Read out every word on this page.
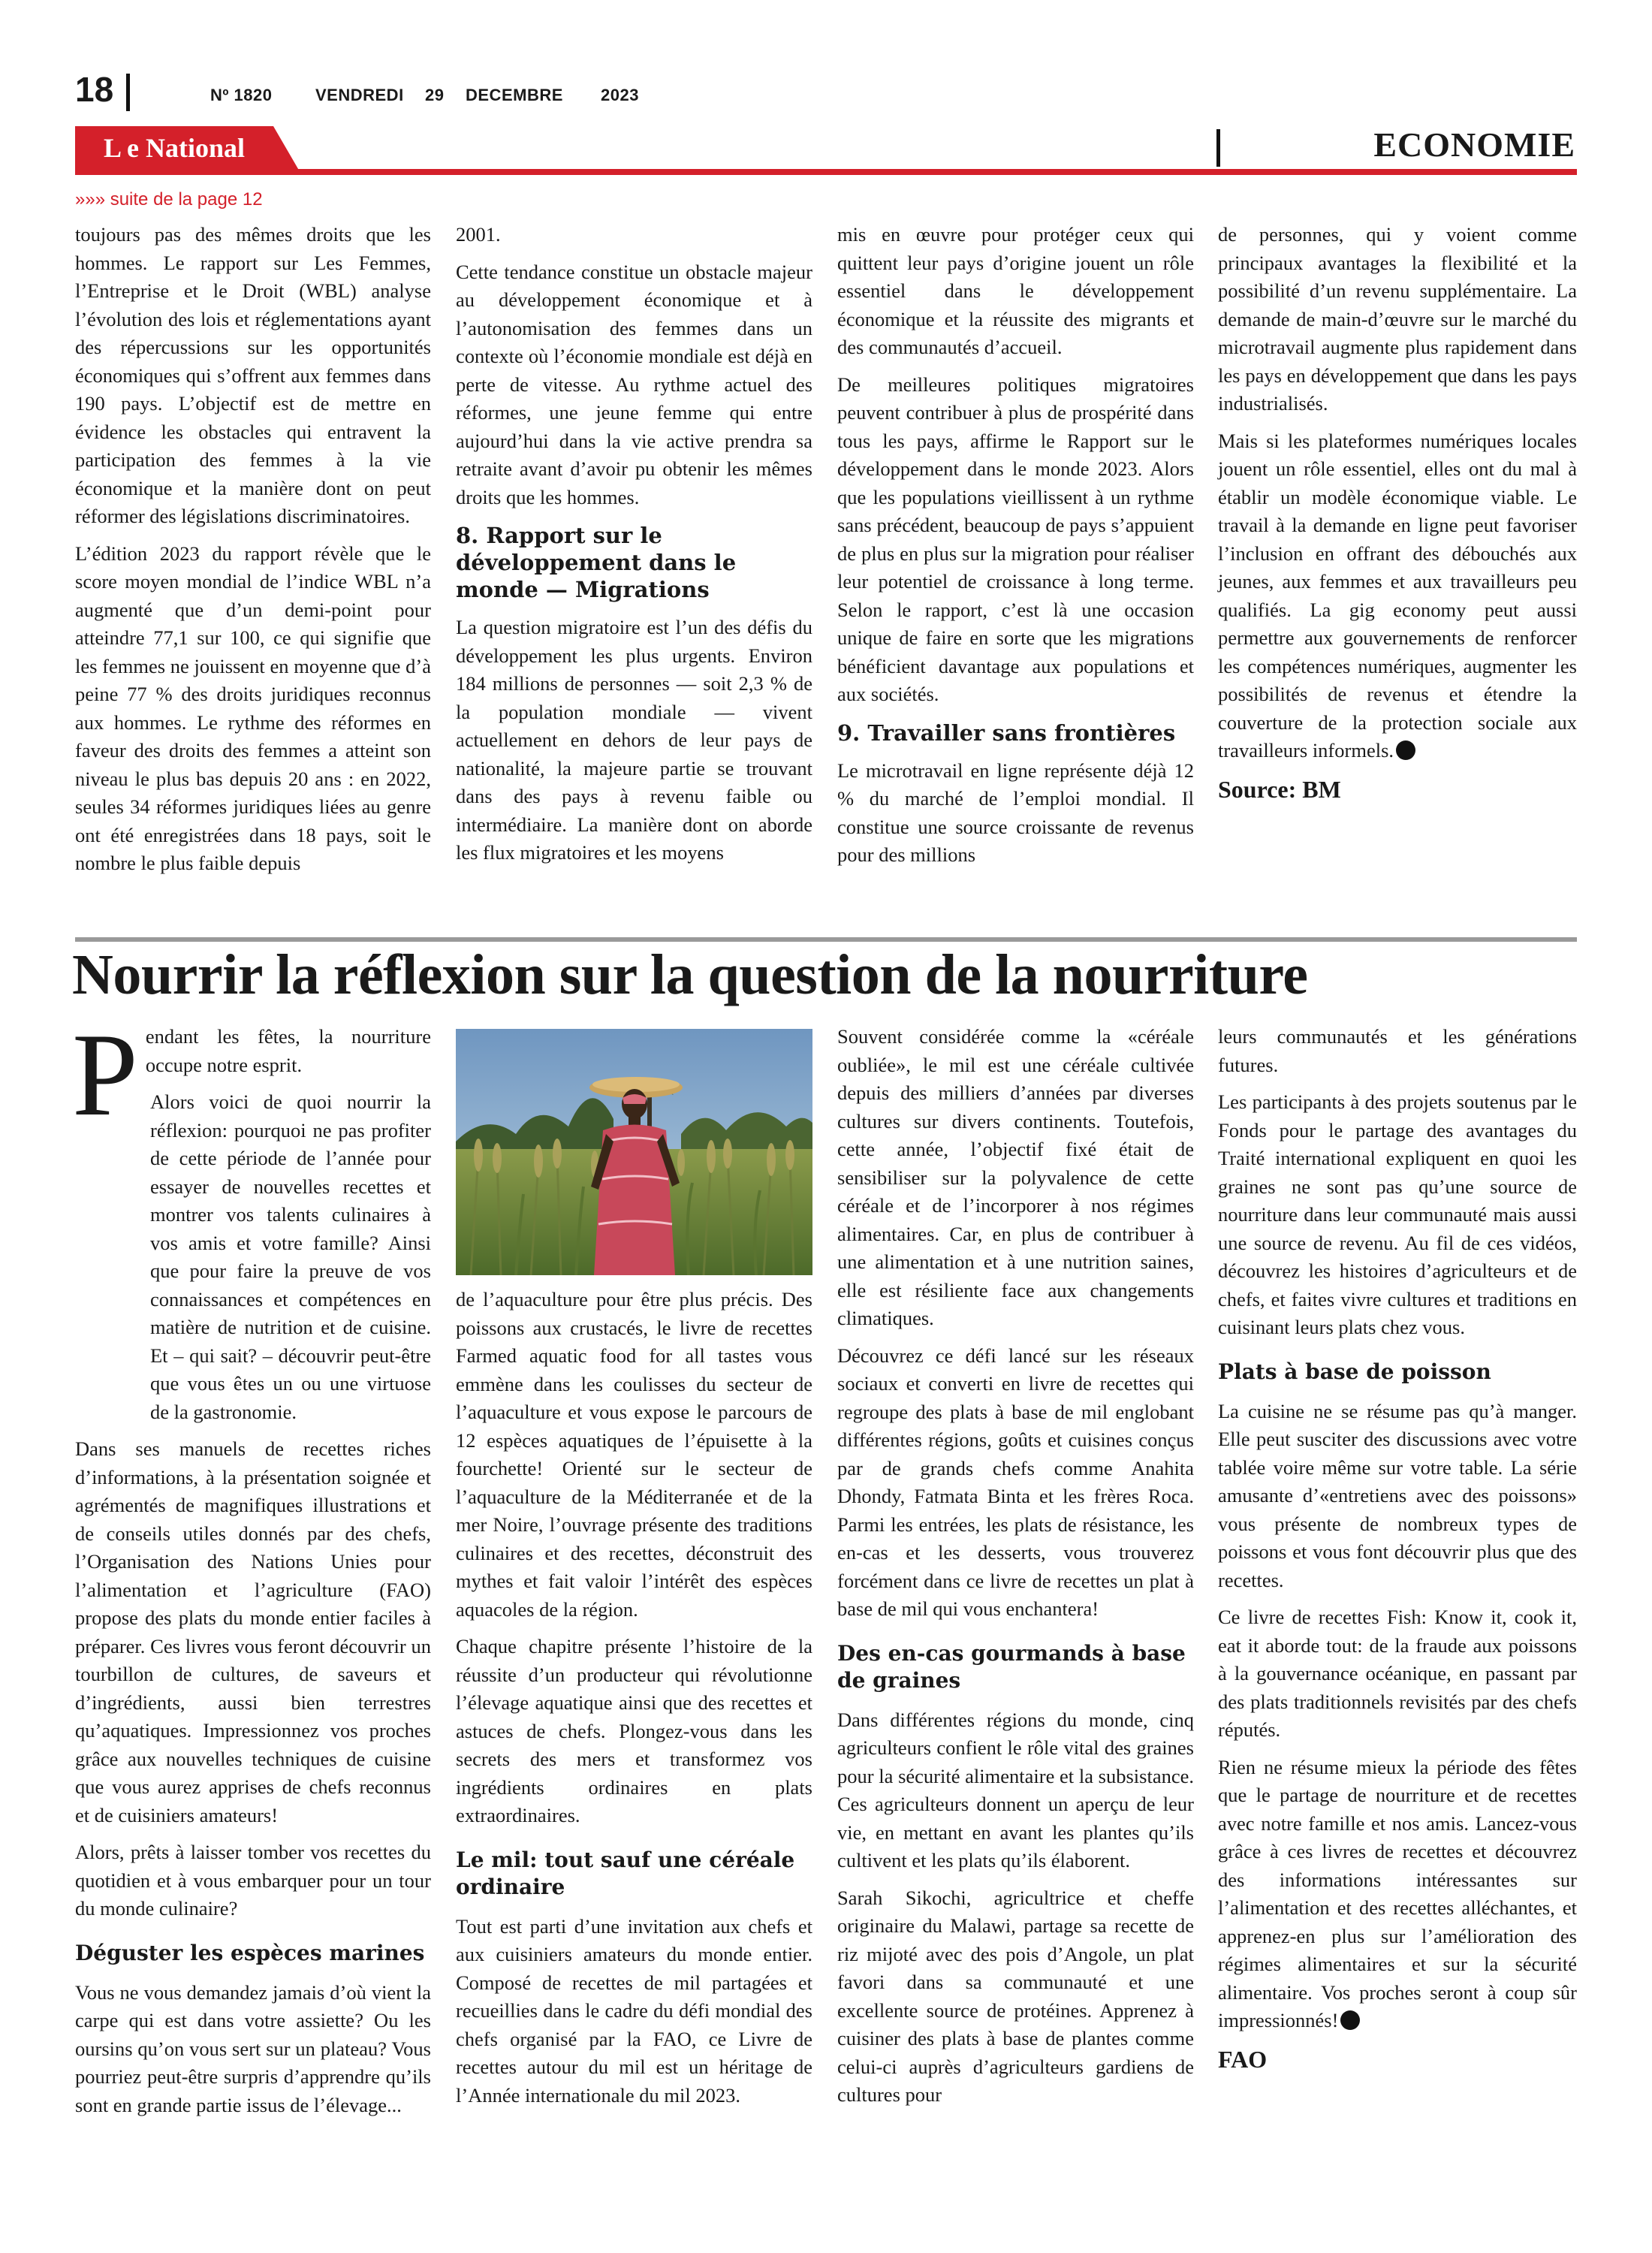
18	Nº 1820	VENDREDI 29 DECEMBRE 2023
L e National	ECONOMIE
»»» suite de la page 12

toujours pas des mêmes droits que les hommes. Le rapport sur Les Femmes, l’Entreprise et le Droit (WBL) analyse l’évolution des lois et réglementations ayant des répercussions sur les opportunités économiques qui s’offrent aux femmes dans 190 pays. L’objectif est de mettre en évidence les obstacles qui entravent la participation des femmes à la vie économique et la manière dont on peut réformer des législations discriminatoires.

L’édition 2023 du rapport révèle que le score moyen mondial de l’indice WBL n’a augmenté que d’un demi-point pour atteindre 77,1 sur 100, ce qui signifie que les femmes ne jouissent en moyenne que d’à peine 77 % des droits juridiques reconnus aux hommes. Le rythme des réformes en faveur des droits des femmes a atteint son niveau le plus bas depuis 20 ans : en 2022, seules 34 réformes juridiques liées au genre ont été enregistrées dans 18 pays, soit le nombre le plus faible depuis

2001.

Cette tendance constitue un obstacle majeur au développement économique et à l’autonomisation des femmes dans un contexte où l’économie mondiale est déjà en perte de vitesse. Au rythme actuel des réformes, une jeune femme qui entre aujourd’hui dans la vie active prendra sa retraite avant d’avoir pu obtenir les mêmes droits que les hommes.

8. Rapport sur le développement dans le monde — Migrations

La question migratoire est l’un des défis du développement les plus urgents. Environ 184 millions de personnes — soit 2,3 % de la population mondiale — vivent actuellement en dehors de leur pays de nationalité, la majeure partie se trouvant dans des pays à revenu faible ou intermédiaire. La manière dont on aborde les flux migratoires et les moyens

mis en œuvre pour protéger ceux qui quittent leur pays d’origine jouent un rôle essentiel dans le développement économique et la réussite des migrants et des communautés d’accueil.

De meilleures politiques migratoires peuvent contribuer à plus de prospérité dans tous les pays, affirme le Rapport sur le développement dans le monde 2023. Alors que les populations vieillissent à un rythme sans précédent, beaucoup de pays s’appuient de plus en plus sur la migration pour réaliser leur potentiel de croissance à long terme. Selon le rapport, c’est là une occasion unique de faire en sorte que les migrations bénéficient davantage aux populations et aux sociétés.

9. Travailler sans frontières

Le microtravail en ligne représente déjà 12 % du marché de l’emploi mondial. Il constitue une source croissante de revenus pour des millions

de personnes, qui y voient comme principaux avantages la flexibilité et la possibilité d’un revenu supplémentaire. La demande de main-d’œuvre sur le marché du microtravail augmente plus rapidement dans les pays en développement que dans les pays industrialisés.

Mais si les plateformes numériques locales jouent un rôle essentiel, elles ont du mal à établir un modèle économique viable. Le travail à la demande en ligne peut favoriser l’inclusion en offrant des débouchés aux jeunes, aux femmes et aux travailleurs peu qualifiés. La gig economy peut aussi permettre aux gouvernements de renforcer les compétences numériques, augmenter les possibilités de revenus et étendre la couverture de la protection sociale aux travailleurs informels.

Source: BM
Nourrir la réflexion sur la question de la nourriture

Pendant les fêtes, la nourriture occupe notre esprit.

Alors voici de quoi nourrir la réflexion: pourquoi ne pas profiter de cette période de l’année pour essayer de nouvelles recettes et montrer vos talents culinaires à vos amis et votre famille? Ainsi que pour faire la preuve de vos connaissances et compétences en matière de nutrition et de cuisine. Et – qui sait? – découvrir peut-être que vous êtes un ou une virtuose de la gastronomie.

Dans ses manuels de recettes riches d’informations, à la présentation soignée et agrémentés de magnifiques illustrations et de conseils utiles donnés par des chefs, l’Organisation des Nations Unies pour l’alimentation et l’agriculture (FAO) propose des plats du monde entier faciles à préparer. Ces livres vous feront découvrir un tourbillon de cultures, de saveurs et d’ingrédients, aussi bien terrestres qu’aquatiques. Impressionnez vos proches grâce aux nouvelles techniques de cuisine que vous aurez apprises de chefs reconnus et de cuisiniers amateurs!

Alors, prêts à laisser tomber vos recettes du quotidien et à vous embarquer pour un tour du monde culinaire?

Déguster les espèces marines

Vous ne vous demandez jamais d’où vient la carpe qui est dans votre assiette? Ou les oursins qu’on vous sert sur un plateau? Vous pourriez peut-être surpris d’apprendre qu’ils sont en grande partie issus de l’élevage...

de l’aquaculture pour être plus précis. Des poissons aux crustacés, le livre de recettes Farmed aquatic food for all tastes vous emmène dans les coulisses du secteur de l’aquaculture et vous expose le parcours de 12 espèces aquatiques de l’épuisette à la fourchette! Orienté sur le secteur de l’aquaculture de la Méditerranée et de la mer Noire, l’ouvrage présente des traditions culinaires et des recettes, déconstruit des mythes et fait valoir l’intérêt des espèces aquacoles de la région.

Chaque chapitre présente l’histoire de la réussite d’un producteur qui révolutionne l’élevage aquatique ainsi que des recettes et astuces de chefs. Plongez-vous dans les secrets des mers et transformez vos ingrédients ordinaires en plats extraordinaires.

Le mil: tout sauf une céréale ordinaire

Tout est parti d’une invitation aux chefs et aux cuisiniers amateurs du monde entier. Composé de recettes de mil partagées et recueillies dans le cadre du défi mondial des chefs organisé par la FAO, ce Livre de recettes autour du mil est un héritage de l’Année internationale du mil 2023.

Souvent considérée comme la «céréale oubliée», le mil est une céréale cultivée depuis des milliers d’années par diverses cultures sur divers continents. Toutefois, cette année, l’objectif fixé était de sensibiliser sur la polyvalence de cette céréale et de l’incorporer à nos régimes alimentaires. Car, en plus de contribuer à une alimentation et à une nutrition saines, elle est résiliente face aux changements climatiques.

Découvrez ce défi lancé sur les réseaux sociaux et converti en livre de recettes qui regroupe des plats à base de mil englobant différentes régions, goûts et cuisines conçus par de grands chefs comme Anahita Dhondy, Fatmata Binta et les frères Roca. Parmi les entrées, les plats de résistance, les en-cas et les desserts, vous trouverez forcément dans ce livre de recettes un plat à base de mil qui vous enchantera!

Des en-cas gourmands à base de graines

Dans différentes régions du monde, cinq agriculteurs confient le rôle vital des graines pour la sécurité alimentaire et la subsistance. Ces agriculteurs donnent un aperçu de leur vie, en mettant en avant les plantes qu’ils cultivent et les plats qu’ils élaborent.

Sarah Sikochi, agricultrice et cheffe originaire du Malawi, partage sa recette de riz mijoté avec des pois d’Angole, un plat favori dans sa communauté et une excellente source de protéines. Apprenez à cuisiner des plats à base de plantes comme celui-ci auprès d’agriculteurs gardiens de cultures pour

leurs communautés et les générations futures.

Les participants à des projets soutenus par le Fonds pour le partage des avantages du Traité international expliquent en quoi les graines ne sont pas qu’une source de nourriture dans leur communauté mais aussi une source de revenu. Au fil de ces vidéos, découvrez les histoires d’agriculteurs et de chefs, et faites vivre cultures et traditions en cuisinant leurs plats chez vous.

Plats à base de poisson

La cuisine ne se résume pas qu’à manger. Elle peut susciter des discussions avec votre tablée voire même sur votre table. La série amusante d’«entretiens avec des poissons» vous présente de nombreux types de poissons et vous font découvrir plus que des recettes.

Ce livre de recettes Fish: Know it, cook it, eat it aborde tout: de la fraude aux poissons à la gouvernance océanique, en passant par des plats traditionnels revisités par des chefs réputés.

Rien ne résume mieux la période des fêtes que le partage de nourriture et de recettes avec notre famille et nos amis. Lancez-vous grâce à ces livres de recettes et découvrez des informations intéressantes sur l’alimentation et des recettes alléchantes, et apprenez-en plus sur l’amélioration des régimes alimentaires et sur la sécurité alimentaire. Vos proches seront à coup sûr impressionnés!

FAO
